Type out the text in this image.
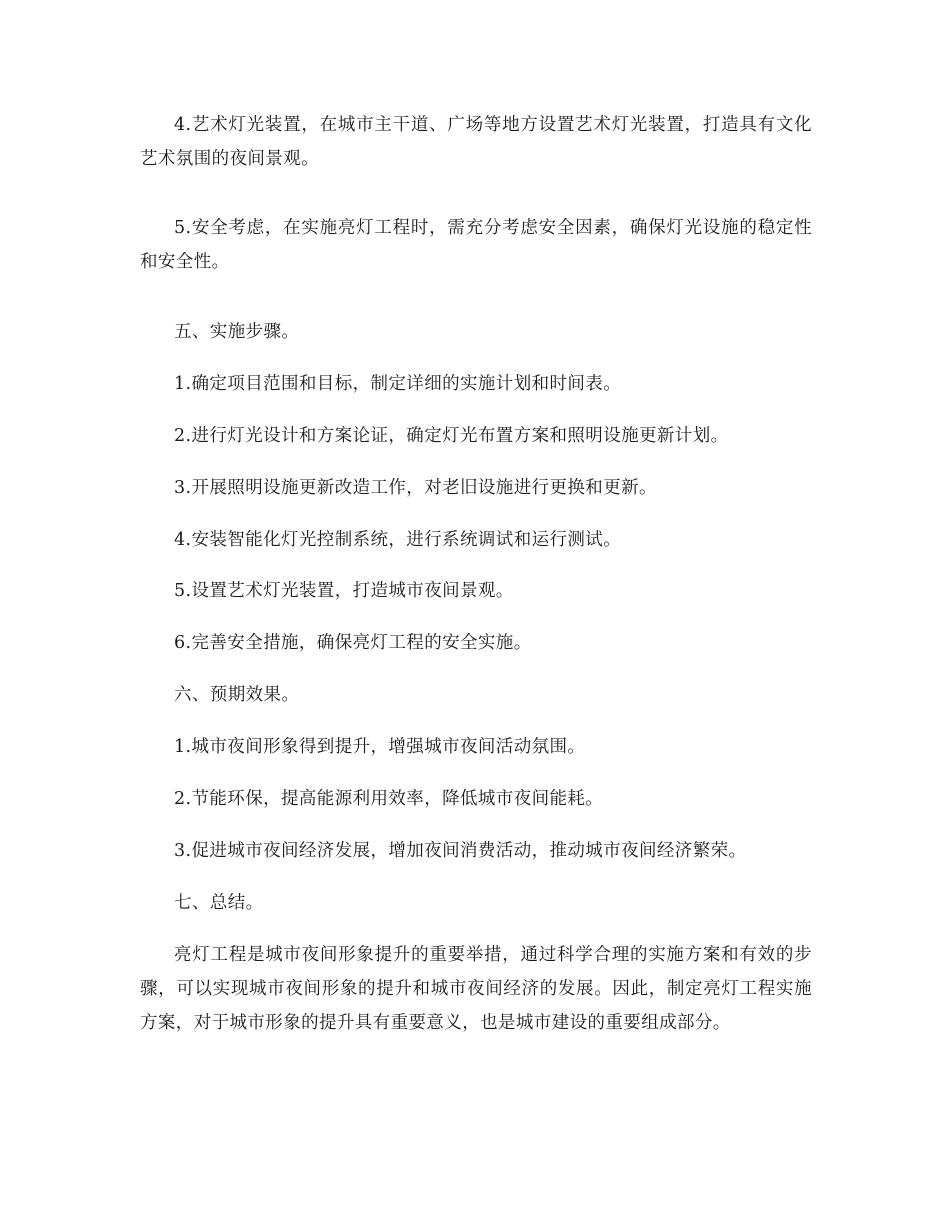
4.艺术灯光装置，在城市主干道、广场等地方设置艺术灯光装置，打造具有文化艺术氛围的夜间景观。

5.安全考虑，在实施亮灯工程时，需充分考虑安全因素，确保灯光设施的稳定性和安全性。

五、实施步骤。

1.确定项目范围和目标，制定详细的实施计划和时间表。

2.进行灯光设计和方案论证，确定灯光布置方案和照明设施更新计划。

3.开展照明设施更新改造工作，对老旧设施进行更换和更新。

4.安装智能化灯光控制系统，进行系统调试和运行测试。

5.设置艺术灯光装置，打造城市夜间景观。

6.完善安全措施，确保亮灯工程的安全实施。

六、预期效果。

1.城市夜间形象得到提升，增强城市夜间活动氛围。

2.节能环保，提高能源利用效率，降低城市夜间能耗。

3.促进城市夜间经济发展，增加夜间消费活动，推动城市夜间经济繁荣。

七、总结。

亮灯工程是城市夜间形象提升的重要举措，通过科学合理的实施方案和有效的步骤，可以实现城市夜间形象的提升和城市夜间经济的发展。因此，制定亮灯工程实施方案，对于城市形象的提升具有重要意义，也是城市建设的重要组成部分。
